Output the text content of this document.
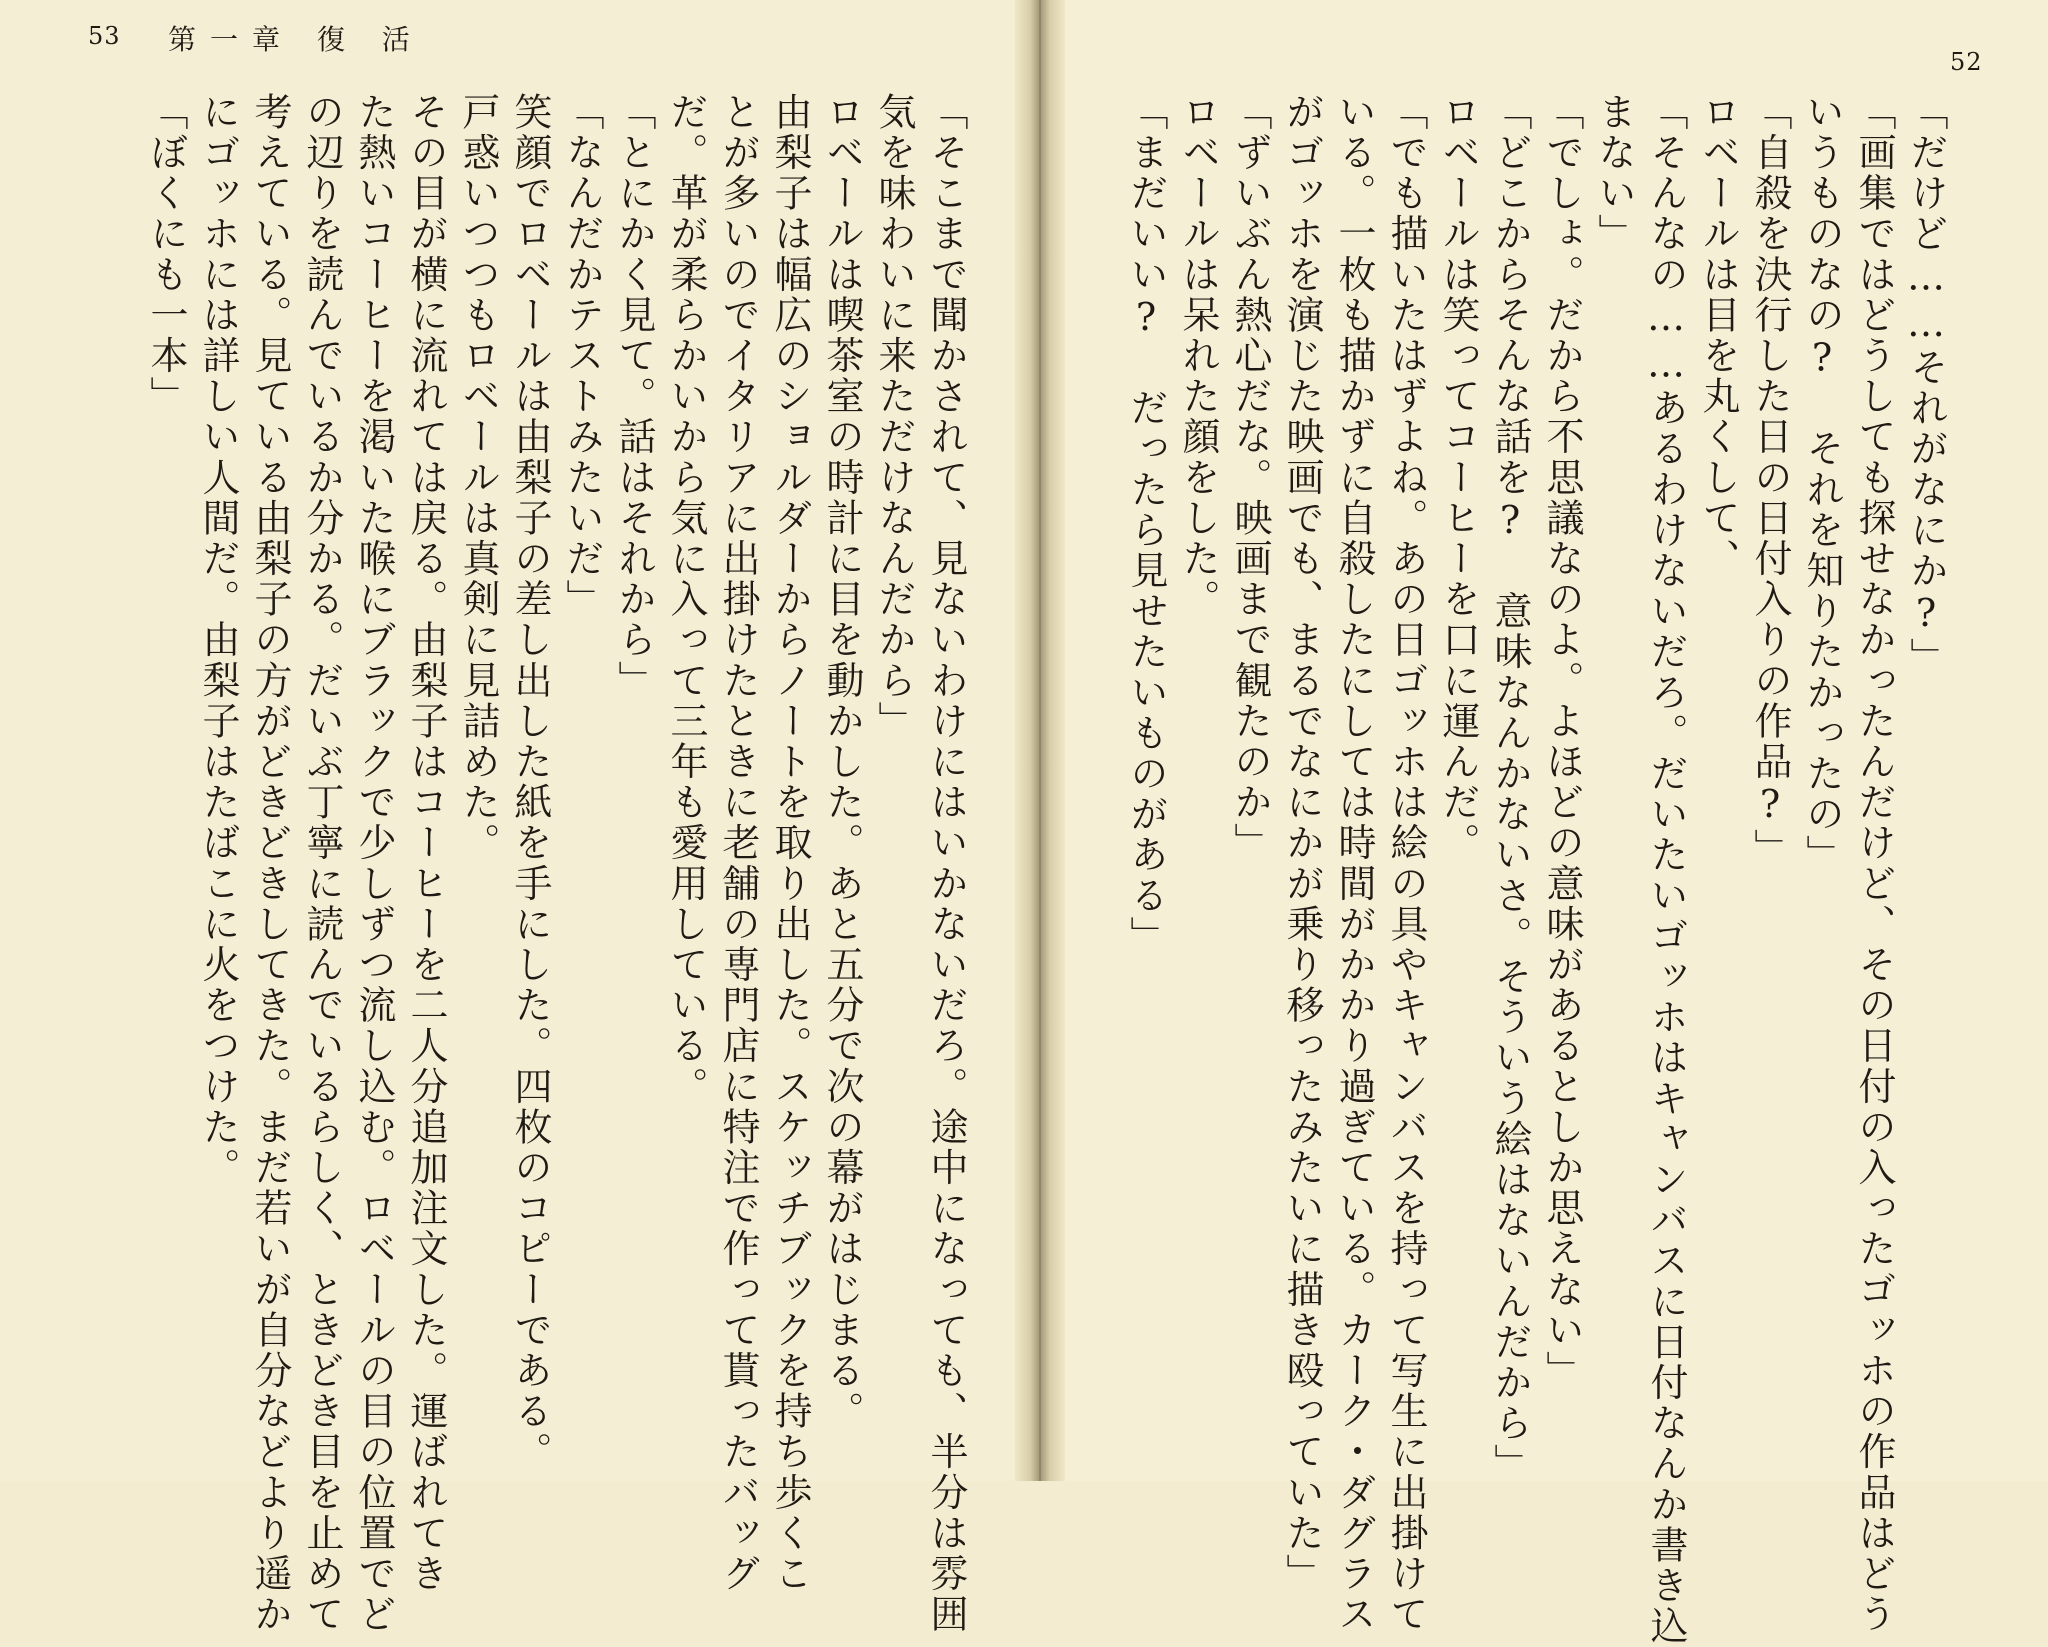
53 第一章 復 活
52
「そこまで聞かされて、見ないわけにはいかないだろ。途中になっても、半分は雰囲
気を味わいに来ただけなんだから」
ロベールは喫茶室の時計に目を動かした。あと五分で次の幕がはじまる。
由梨子は幅広のショルダーからノートを取り出した。スケッチブックを持ち歩くこ
とが多いのでイタリアに出掛けたときに老舗の専門店に特注で作って貰ったバッグ
だ。革が柔らかいから気に入って三年も愛用している。
「とにかく見て。話はそれから」
「なんだかテストみたいだ」
笑顔でロベールは由梨子の差し出した紙を手にした。四枚のコピーである。
戸惑いつつもロベールは真剣に見詰めた。
その目が横に流れては戻る。由梨子はコーヒーを二人分追加注文した。運ばれてき
た熱いコーヒーを渇いた喉にブラックで少しずつ流し込む。ロベールの目の位置でど
の辺りを読んでいるか分かる。だいぶ丁寧に読んでいるらしく、ときどき目を止めて
考えている。見ている由梨子の方がどきどきしてきた。まだ若いが自分などより遥か
にゴッホには詳しい人間だ。由梨子はたばこに火をつけた。
「ぼくにも一本」	「だけど……それがなにか?」
「画集ではどうしても探せなかったんだけど、その日付の入ったゴッホの作品はどう
いうものなの? それを知りたかったの」
「自殺を決行した日の日付入りの作品?」
ロベールは目を丸くして、
「そんなの……あるわけないだろ。だいたいゴッホはキャンバスに日付なんか書き込
まない」
「でしょ。だから不思議なのよ。よほどの意味があるとしか思えない」
「どこからそんな話を? 意味なんかないさ。そういう絵はないんだから」
ロベールは笑ってコーヒーを口に運んだ。
「でも描いたはずよね。あの日ゴッホは絵の具やキャンバスを持って写生に出掛けて
いる。一枚も描かずに自殺したにしては時間がかかり過ぎている。カーク・ダグラス
がゴッホを演じた映画でも、まるでなにかが乗り移ったみたいに描き殴っていた」
「ずいぶん熱心だな。映画まで観たのか」
ロベールは呆れた顔をした。
「まだいい? だったら見せたいものがある」
